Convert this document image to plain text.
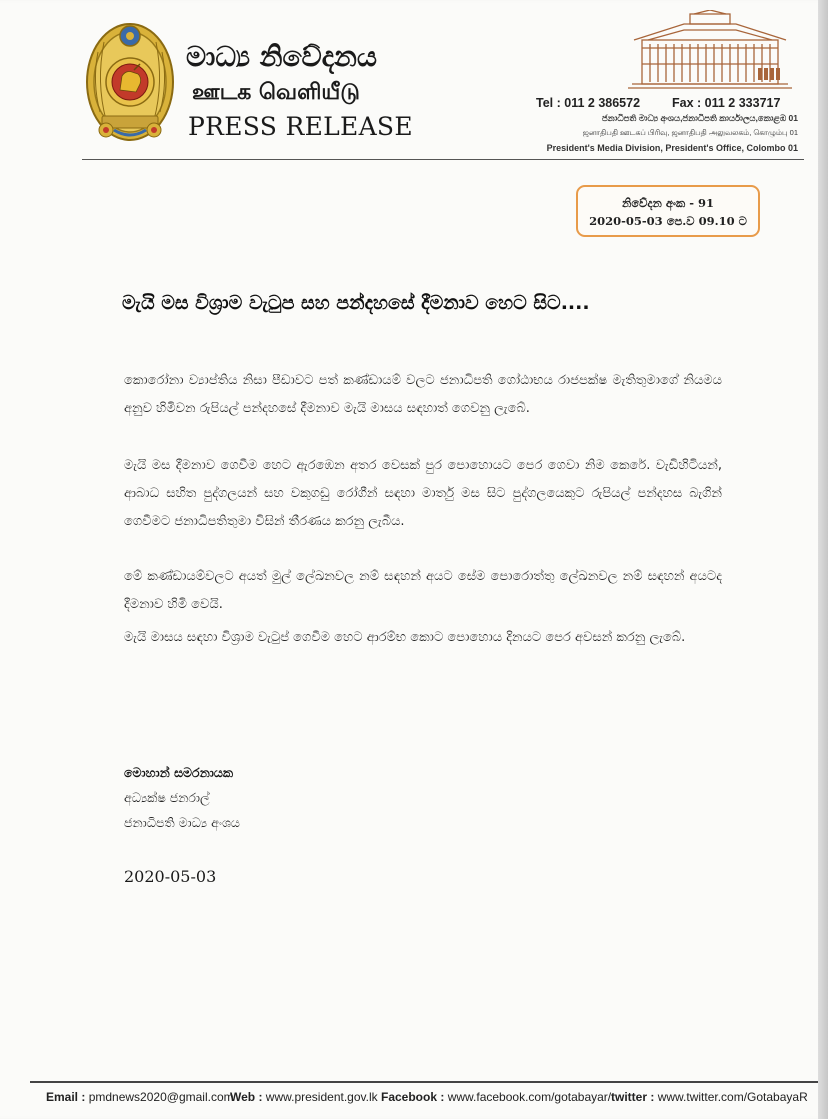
මාධ්‍ය නිවේදනය
ஊடக வெளியீடு
PRESS RELEASE
Tel : 011 2 386572	Fax : 011 2 333717
ජනාධිපති මාධ්‍ය අංශය,ජනාධිපති කාර්යාලය,කොළඹ 01
ஜனாதிபதி ஊடகப் பிரிவு, ஜனாதிபதி அலுவலகம், கொழும்பு 01
President's Media Division, President's Office, Colombo 01
නිවේදන අංක - 91
2020-05-03 පෙ.ව 09.10 ට
මැයි මස විශ්‍රාම වැටුප සහ පන්දහසේ දීමනාව හෙට සිට....
කොරෝනා ව්‍යාප්තිය නිසා පීඩාවට පත් කණ්ඩායම් වලට ජනාධිපති ගෝඨාභය රාජපක්ෂ මැතිතුමාගේ නියමය අනුව හිමිවන රුපියල් පන්දහසේ දීමනාව මැයි මාසය සඳහාත් ගෙවනු ලැබේ.
මැයි මස දීමනාව ගෙවීම හෙට ඇරඹෙන අතර වෙසක් පුර පොහොයට පෙර ගෙවා නිම කෙරේ. වැඩිහිටියන්, ආබාධ සහිත පුද්ගලයන් සහ වකුගඩු රෝගීන් සඳහා මාර්තු මස සිට පුද්ගලයෙකුට රුපියල් පන්දහස බැගින් ගෙවීමට ජනාධිපතිතුමා විසින් තීරණය කරනු ලැබීය.
මේ කණ්ඩායම්වලට අයත් මුල් ලේඛනවල නම් සඳහන් අයට සේම පොරොත්තු ලේඛනවල නම් සඳහන් අයටද දීමනාව හිමි වෙයි.
මැයි මාසය සඳහා විශ්‍රාම වැටුප් ගෙවීම හෙට ආරම්භ කොට පොහොය දිනයට පෙර අවසන් කරනු ලැබේ.
මොහාන් සමරනායක
අධ්‍යක්ෂ ජනරාල්
ජනාධිපති මාධ්‍ය අංශය
2020-05-03
Email : pmdnews2020@gmail.com
Web : www.president.gov.lk Facebook : www.facebook.com/gotabayar/ twitter : www.twitter.com/GotabayaR
